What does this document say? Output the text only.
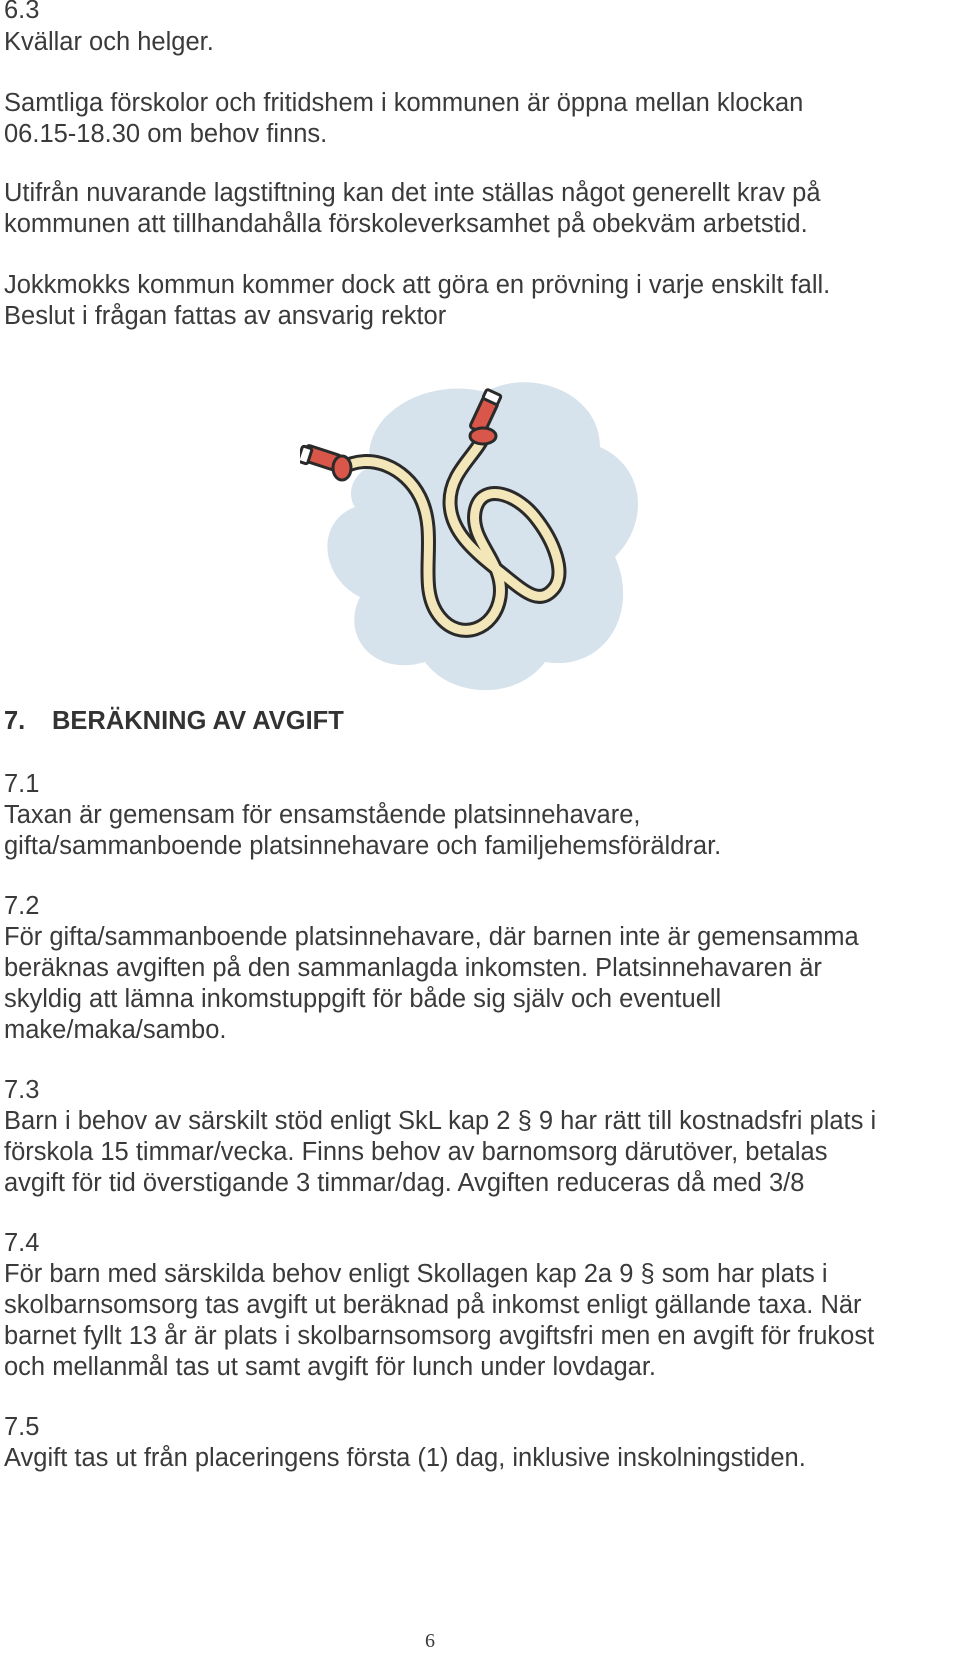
6.3
Kvällar och helger.
Samtliga förskolor och fritidshem i kommunen är öppna mellan klockan
06.15-18.30 om behov finns.
Utifrån nuvarande lagstiftning kan det inte ställas något generellt krav på
kommunen att tillhandahålla förskoleverksamhet på obekväm arbetstid.
Jokkmokks kommun kommer dock att göra en prövning i varje enskilt fall.
Beslut i frågan fattas av ansvarig rektor
7. BERÄKNING AV AVGIFT
7.1
Taxan är gemensam för ensamstående platsinnehavare,
gifta/sammanboende platsinnehavare och familjehemsföräldrar.
7.2
För gifta/sammanboende platsinnehavare, där barnen inte är gemensamma
beräknas avgiften på den sammanlagda inkomsten. Platsinnehavaren är
skyldig att lämna inkomstuppgift för både sig själv och eventuell
make/maka/sambo.
7.3
Barn i behov av särskilt stöd enligt SkL kap 2 § 9 har rätt till kostnadsfri plats i
förskola 15 timmar/vecka. Finns behov av barnomsorg därutöver, betalas
avgift för tid överstigande 3 timmar/dag. Avgiften reduceras då med 3/8
7.4
För barn med särskilda behov enligt Skollagen kap 2a 9 § som har plats i
skolbarnsomsorg tas avgift ut beräknad på inkomst enligt gällande taxa. När
barnet fyllt 13 år är plats i skolbarnsomsorg avgiftsfri men en avgift för frukost
och mellanmål tas ut samt avgift för lunch under lovdagar.
7.5
Avgift tas ut från placeringens första (1) dag, inklusive inskolningstiden.
6
